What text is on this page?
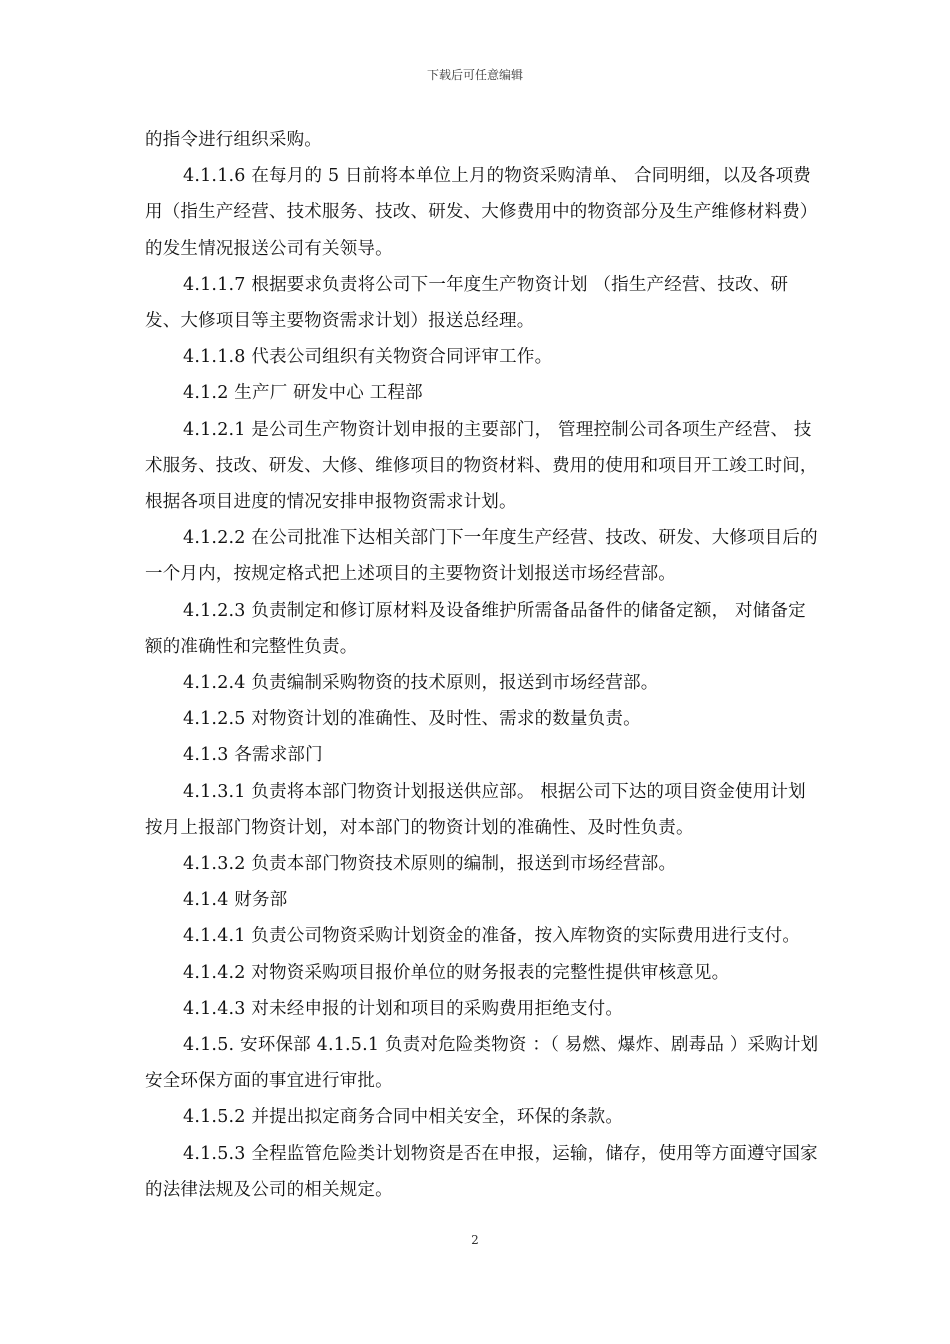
下载后可任意编辑

的指令进行组织采购。

4.1.1.6 在每月的 5 日前将本单位上月的物资采购清单、 合同明细，以及各项费用（指生产经营、技术服务、技改、研发、大修费用中的物资部分及生产维修材料费）的发生情况报送公司有关领导。

4.1.1.7 根据要求负责将公司下一年度生产物资计划 （指生产经营、技改、研发、大修项目等主要物资需求计划）报送总经理。

4.1.1.8 代表公司组织有关物资合同评审工作。

4.1.2 生产厂 研发中心 工程部

4.1.2.1 是公司生产物资计划申报的主要部门， 管理控制公司各项生产经营、 技术服务、技改、研发、大修、维修项目的物资材料、费用的使用和项目开工竣工时间，根据各项目进度的情况安排申报物资需求计划。

4.1.2.2 在公司批准下达相关部门下一年度生产经营、技改、研发、大修项目后的一个月内，按规定格式把上述项目的主要物资计划报送市场经营部。

4.1.2.3 负责制定和修订原材料及设备维护所需备品备件的储备定额， 对储备定额的准确性和完整性负责。

4.1.2.4 负责编制采购物资的技术原则，报送到市场经营部。

4.1.2.5 对物资计划的准确性、及时性、需求的数量负责。

4.1.3 各需求部门

4.1.3.1 负责将本部门物资计划报送供应部。 根据公司下达的项目资金使用计划按月上报部门物资计划，对本部门的物资计划的准确性、及时性负责。

4.1.3.2 负责本部门物资技术原则的编制，报送到市场经营部。

4.1.4 财务部

4.1.4.1 负责公司物资采购计划资金的准备，按入库物资的实际费用进行支付。

4.1.4.2 对物资采购项目报价单位的财务报表的完整性提供审核意见。

4.1.4.3 对未经申报的计划和项目的采购费用拒绝支付。

4.1.5. 安环保部 4.1.5.1 负责对危险类物资 ：（ 易燃、爆炸、剧毒品 ）采购计划安全环保方面的事宜进行审批。

4.1.5.2 并提出拟定商务合同中相关安全，环保的条款。

4.1.5.3 全程监管危险类计划物资是否在申报，运输，储存，使用等方面遵守国家的法律法规及公司的相关规定。

2
